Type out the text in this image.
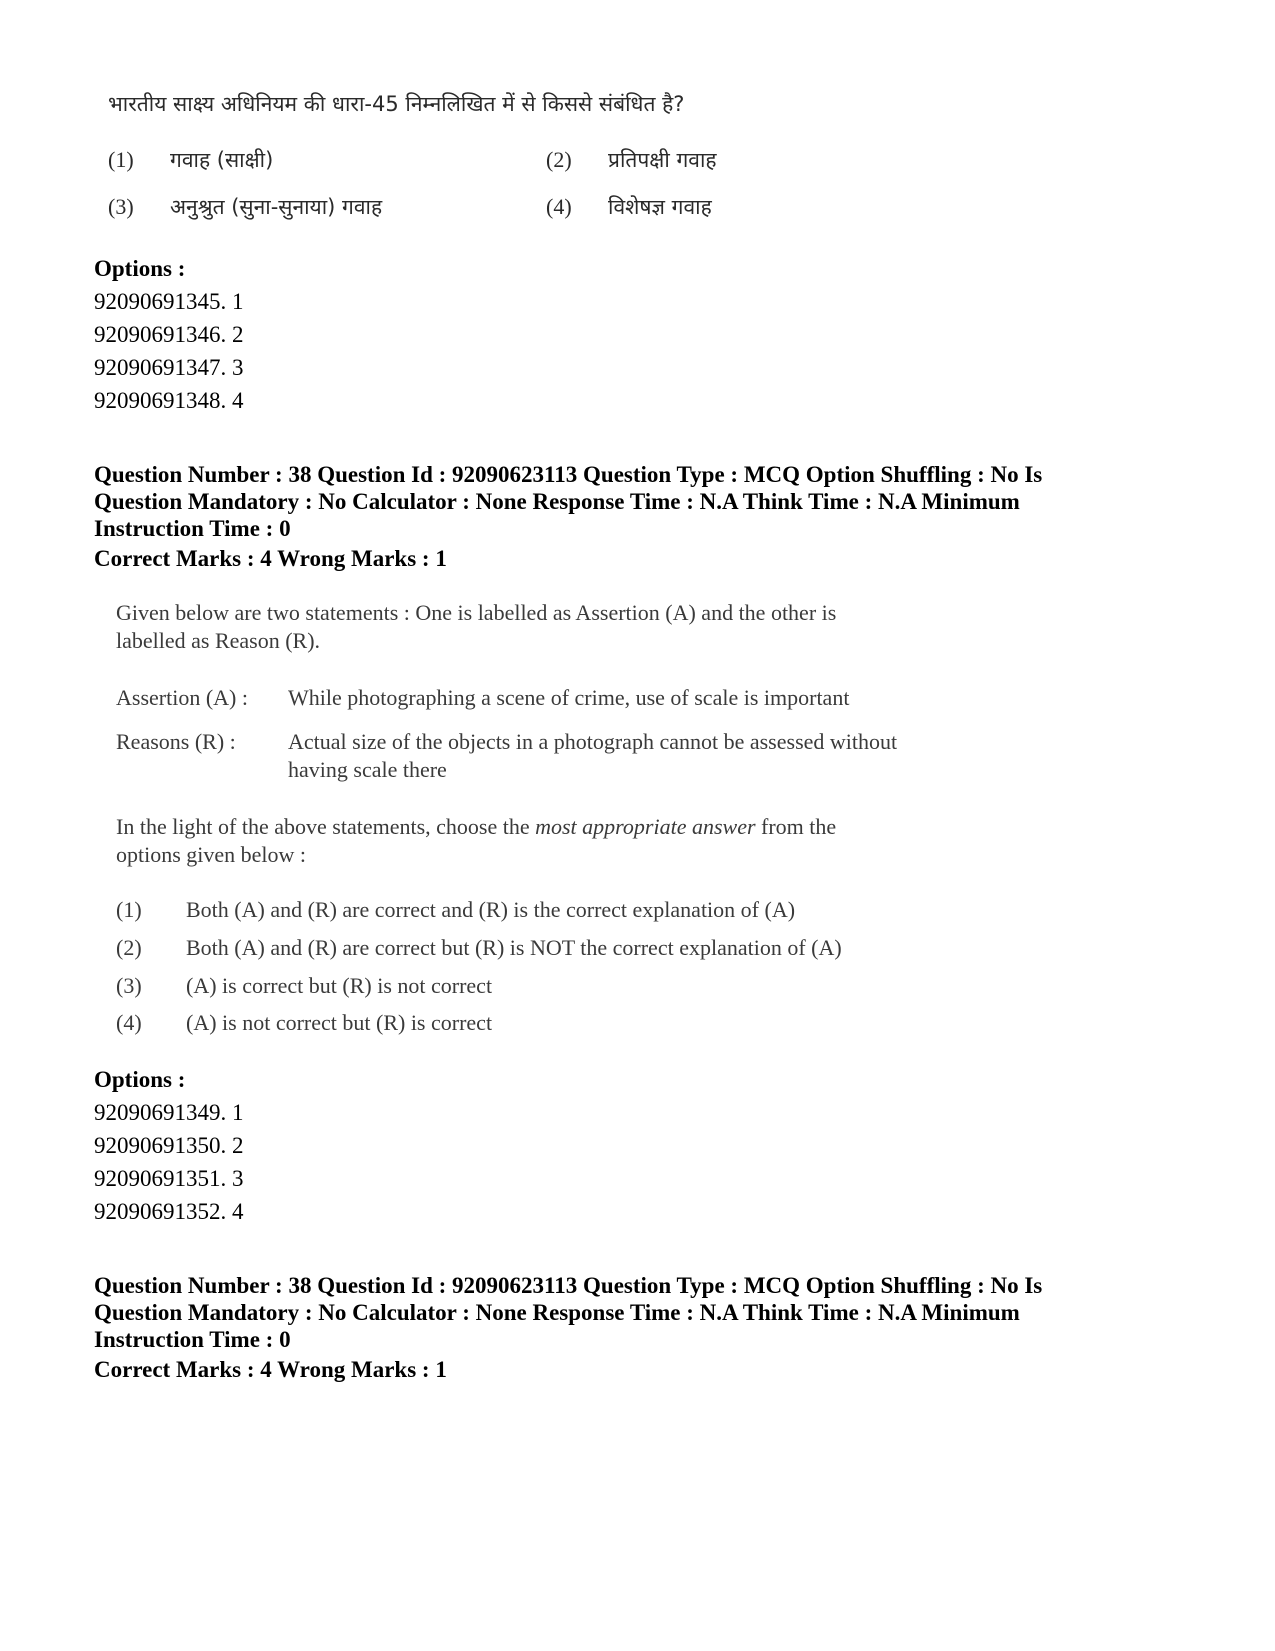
भारतीय साक्ष्य अधिनियम की धारा-45 निम्नलिखित में से किससे संबंधित है?
(1) गवाह (साक्षी)	(2) प्रतिपक्षी गवाह
(3) अनुश्रुत (सुना-सुनाया) गवाह	(4) विशेषज्ञ गवाह
Options :
92090691345. 1
92090691346. 2
92090691347. 3
92090691348. 4
Question Number : 38 Question Id : 92090623113 Question Type : MCQ Option Shuffling : No Is
Question Mandatory : No Calculator : None Response Time : N.A Think Time : N.A Minimum
Instruction Time : 0
Correct Marks : 4 Wrong Marks : 1
Given below are two statements : One is labelled as Assertion (A) and the other is
labelled as Reason (R).
Assertion (A) : While photographing a scene of crime, use of scale is important
Reasons (R) : Actual size of the objects in a photograph cannot be assessed without
having scale there
In the light of the above statements, choose the most appropriate answer from the
options given below :
(1) Both (A) and (R) are correct and (R) is the correct explanation of (A)
(2) Both (A) and (R) are correct but (R) is NOT the correct explanation of (A)
(3) (A) is correct but (R) is not correct
(4) (A) is not correct but (R) is correct
Options :
92090691349. 1
92090691350. 2
92090691351. 3
92090691352. 4
Question Number : 38 Question Id : 92090623113 Question Type : MCQ Option Shuffling : No Is
Question Mandatory : No Calculator : None Response Time : N.A Think Time : N.A Minimum
Instruction Time : 0
Correct Marks : 4 Wrong Marks : 1
